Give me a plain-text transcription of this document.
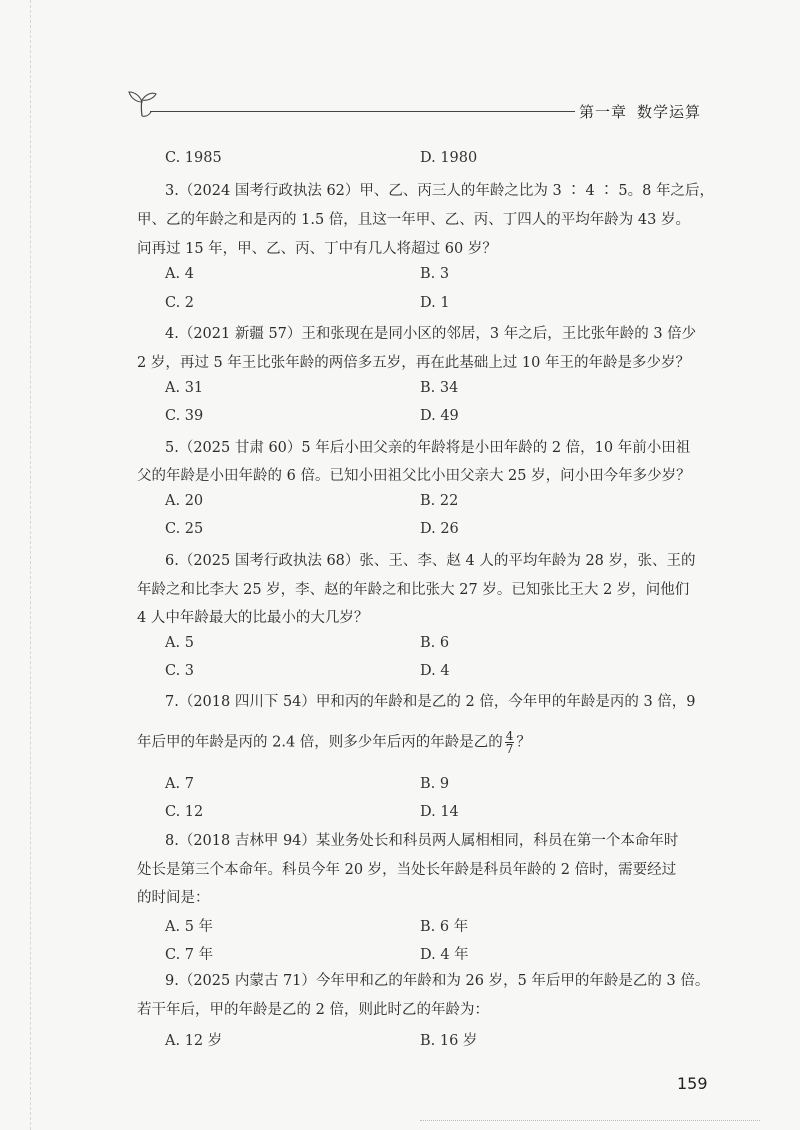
第一章 数学运算
C. 1985	D. 1980
3.（2024 国考行政执法 62）甲、乙、丙三人的年龄之比为 3 ∶ 4 ∶ 5。8 年之后，
甲、乙的年龄之和是丙的 1.5 倍，且这一年甲、乙、丙、丁四人的平均年龄为 43 岁。
问再过 15 年，甲、乙、丙、丁中有几人将超过 60 岁？
A. 4	B. 3
C. 2	D. 1
4.（2021 新疆 57）王和张现在是同小区的邻居，3 年之后，王比张年龄的 3 倍少
2 岁，再过 5 年王比张年龄的两倍多五岁，再在此基础上过 10 年王的年龄是多少岁？
A. 31	B. 34
C. 39	D. 49
5.（2025 甘肃 60）5 年后小田父亲的年龄将是小田年龄的 2 倍，10 年前小田祖
父的年龄是小田年龄的 6 倍。已知小田祖父比小田父亲大 25 岁，问小田今年多少岁？
A. 20	B. 22
C. 25	D. 26
6.（2025 国考行政执法 68）张、王、李、赵 4 人的平均年龄为 28 岁，张、王的
年龄之和比李大 25 岁，李、赵的年龄之和比张大 27 岁。已知张比王大 2 岁，问他们
4 人中年龄最大的比最小的大几岁？
A. 5	B. 6
C. 3	D. 4
7.（2018 四川下 54）甲和丙的年龄和是乙的 2 倍，今年甲的年龄是丙的 3 倍，9
年后甲的年龄是丙的 2.4 倍，则多少年后丙的年龄是乙的 $\frac{4}{7}$ ？
A. 7	B. 9
C. 12	D. 14
8.（2018 吉林甲 94）某业务处长和科员两人属相相同，科员在第一个本命年时
处长是第三个本命年。科员今年 20 岁，当处长年龄是科员年龄的 2 倍时，需要经过
的时间是：
A. 5 年	B. 6 年
C. 7 年	D. 4 年
9.（2025 内蒙古 71）今年甲和乙的年龄和为 26 岁，5 年后甲的年龄是乙的 3 倍。
若干年后，甲的年龄是乙的 2 倍，则此时乙的年龄为：
A. 12 岁	B. 16 岁
159
